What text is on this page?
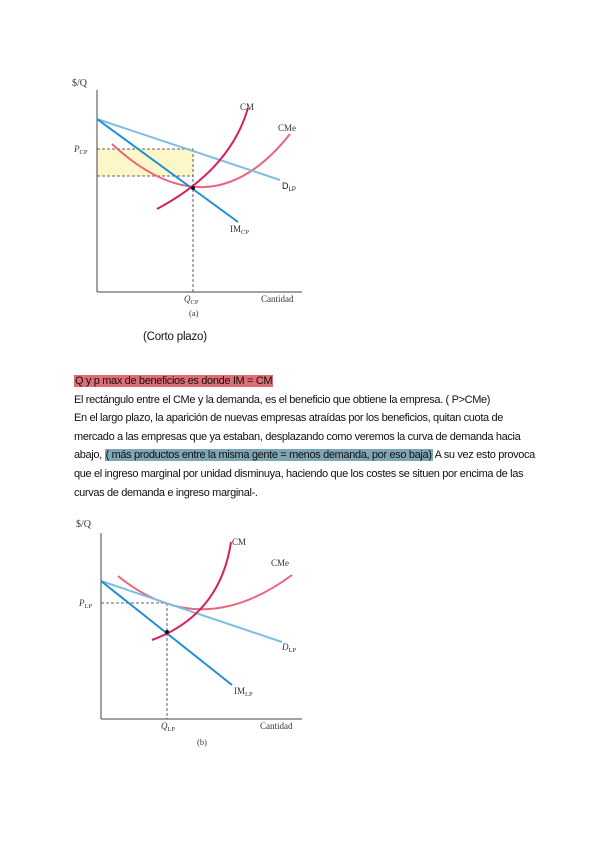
$/Q
$P_{CP}$
$Q_{CP}$	Cantidad
(a)
CM
CMe
$D_{LP}$
$IM_{CP}$
(Corto plazo)

Q y p max de beneficios es donde IM = CM

El rectángulo entre el CMe y la demanda, es el beneficio que obtiene la empresa. ( P>CMe)

En el largo plazo, la aparición de nuevas empresas atraídas por los beneficios, quitan cuota de mercado a las empresas que ya estaban, desplazando como veremos la curva de demanda hacia abajo, ( más productos entre la misma gente = menos demanda, por eso baja) A su vez esto provoca que el ingreso marginal por unidad disminuya, haciendo que los costes se situen por encima de las curvas de demanda e ingreso marginal-.

$/Q
$P_{LP}$
$Q_{LP}$	Cantidad
(b)
CM
CMe
$D_{LP}$
$IM_{LP}$
